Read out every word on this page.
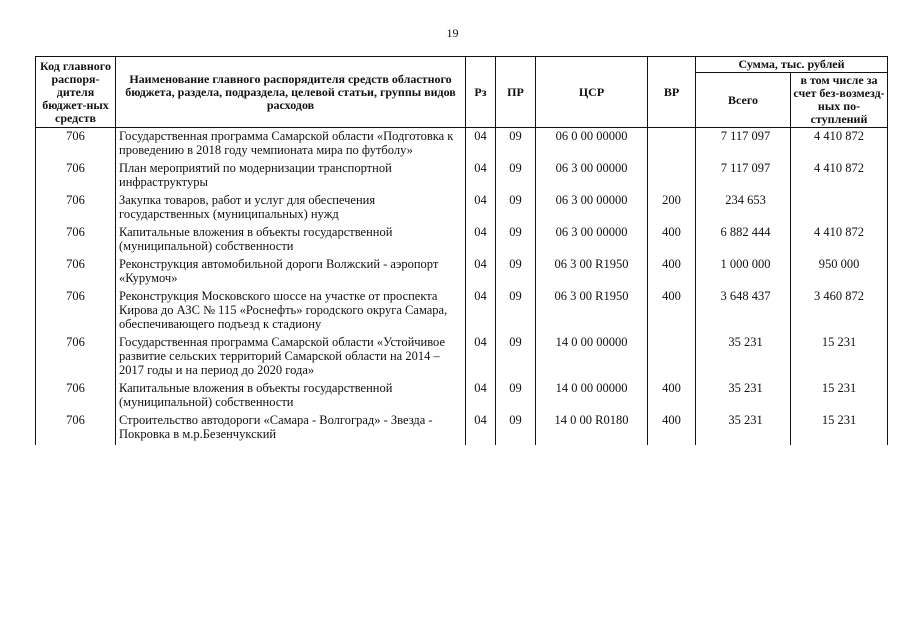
19
Код главного распоря-дителя бюджет-ных средств	Наименование главного распорядителя средств областного бюджета, раздела, подраздела, целевой статьи, группы видов расходов	Рз	ПР	ЦСР	ВР	Сумма, тыс. рублей	
						Всего	в том числе за счет без-возмезд-ных по-ступлений
706	Государственная программа Самарской области «Подготовка к проведению в 2018 году чемпионата мира по футболу»	04	09	06 0 00 00000		7 117 097	4 410 872
706	План мероприятий по модернизации транспортной инфраструктуры	04	09	06 3 00 00000		7 117 097	4 410 872
706	Закупка товаров, работ и услуг для обеспечения государственных (муниципальных) нужд	04	09	06 3 00 00000	200	234 653	
706	Капитальные вложения в объекты государственной (муниципальной) собственности	04	09	06 3 00 00000	400	6 882 444	4 410 872
706	Реконструкция автомобильной дороги Волжский - аэропорт «Курумоч»	04	09	06 3 00 R1950	400	1 000 000	950 000
706	Реконструкция Московского шоссе на участке от проспекта Кирова до АЗС № 115 «Роснефть» городского округа Самара, обеспечивающего подъезд к стадиону	04	09	06 3 00 R1950	400	3 648 437	3 460 872
706	Государственная программа Самарской области «Устойчивое развитие сельских территорий Самарской области на 2014 – 2017 годы и на период до 2020 года»	04	09	14 0 00 00000		35 231	15 231
706	Капитальные вложения в объекты государственной (муниципальной) собственности	04	09	14 0 00 00000	400	35 231	15 231
706	Строительство автодороги «Самара - Волгоград» - Звезда - Покровка в м.р.Безенчукский	04	09	14 0 00 R0180	400	35 231	15 231
